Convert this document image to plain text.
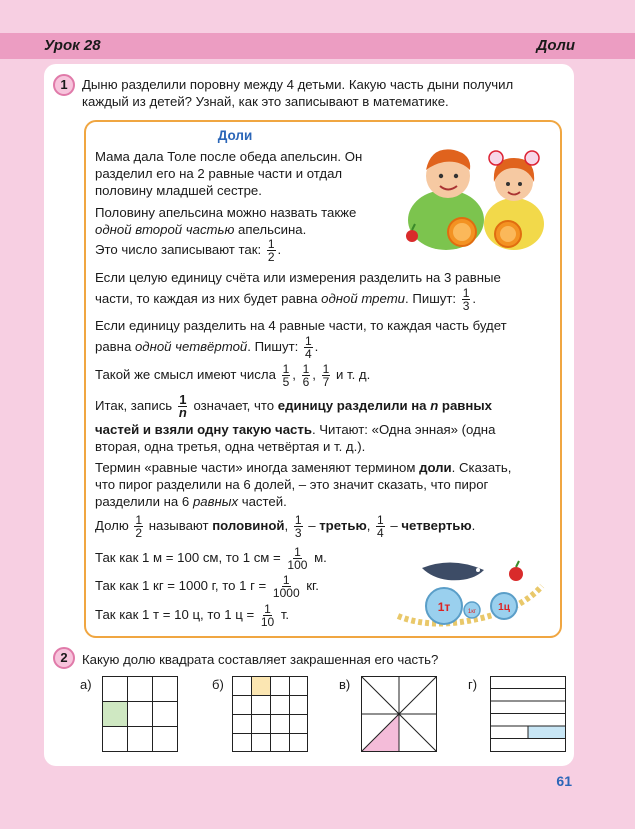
Урок 28	Доли
1	Дыню разделили поровну между 4 детьми. Какую часть дыни получил
каждый из детей? Узнай, как это записывают в математике.
Доли
Мама дала Толе после обеда апельсин. Он
разделил его на 2 равные части и отдал
половину младшей сестре.
Половину апельсина можно назвать также
одной второй частью апельсина.
Это число записывают так: $\frac{1}{2}$ .
Если целую единицу счёта или измерения разделить на 3 равные
части, то каждая из них будет равна одной трети. Пишут: $\frac{1}{3}$ .
Если единицу разделить на 4 равные части, то каждая часть будет
равна одной четвёртой. Пишут: $\frac{1}{4}$ .
Такой же смысл имеют числа $\frac{1}{5}$ , $\frac{1}{6}$ , $\frac{1}{7}$ и т. д.
Итак, запись $\frac{1}{n}$ означает, что единицу разделили на n равных
частей и взяли одну такую часть. Читают: «Одна энная» (одна
вторая, одна третья, одна четвёртая и т. д.).
Термин «равные части» иногда заменяют термином доли. Сказать,
что пирог разделили на 6 долей, – это значит сказать, что пирог
разделили на 6 равных частей.
Долю $\frac{1}{2}$ называют половиной, $\frac{1}{3}$ – третью, $\frac{1}{4}$ – четвертью.
Так как 1 м = 100 см, то 1 см = $\frac{1}{100} м$.
Так как 1 кг = 1000 г, то 1 $г = \frac{1}{1000}$ кг.
Так как 1 т = 10 ц, то 1 $ц = \frac{1}{10} т$.	1т	1кг 1ц
2	Какую долю квадрата составляет закрашенная его часть?
а)	б)	в)	г)
61
